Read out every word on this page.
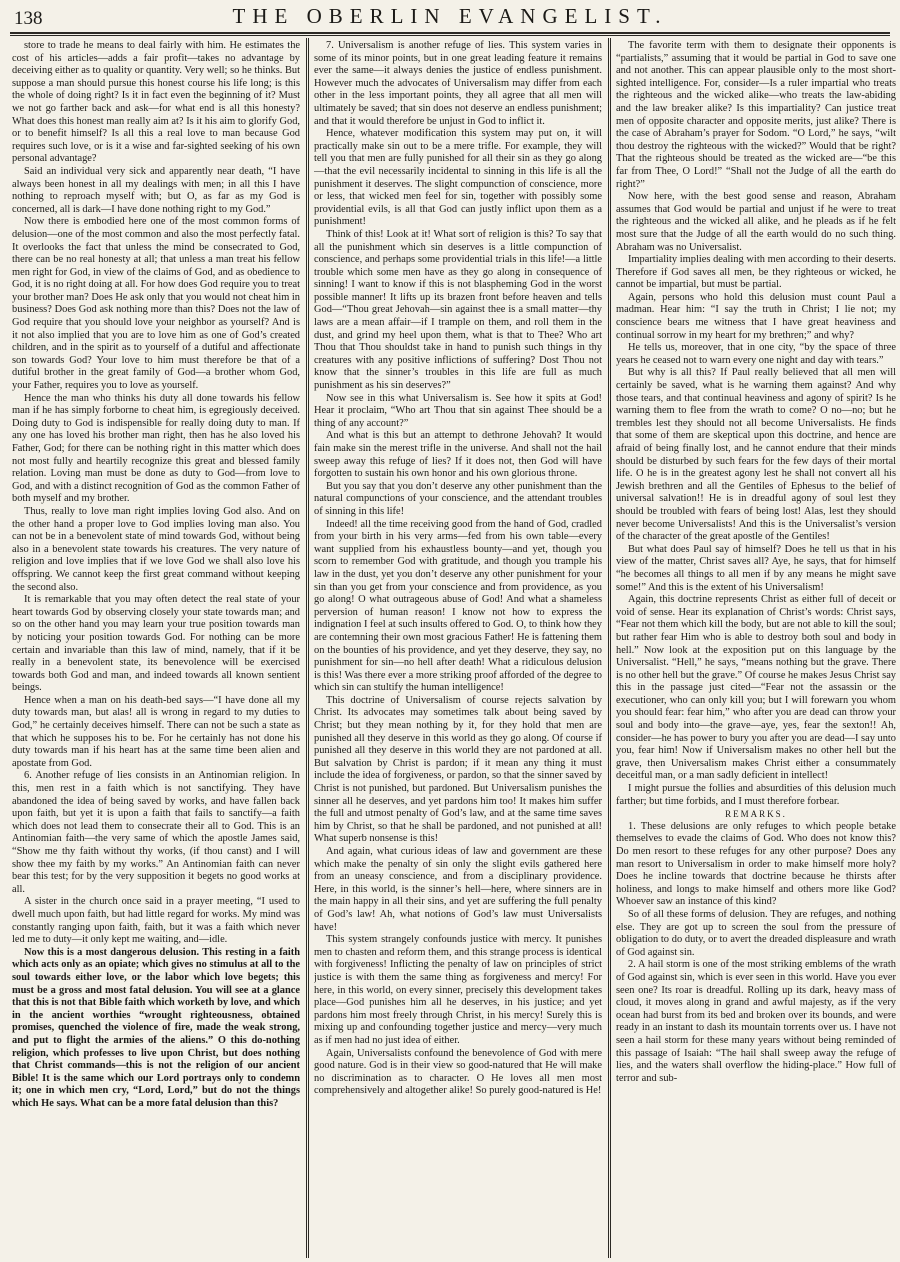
138	THE OBERLIN EVANGELIST.

store to trade he means to deal fairly with him. He estimates the cost of his articles—adds a fair profit—takes no advantage by deceiving either as to quality or quantity. Very well; so he thinks. But suppose a man should pursue this honest course his life long; is this the whole of doing right? Is it in fact even the beginning of it? Must we not go farther back and ask—for what end is all this honesty? What does this honest man really aim at? Is it his aim to glorify God, or to benefit himself? Is all this a real love to man because God requires such love, or is it a wise and far-sighted seeking of his own personal advantage?

Said an individual very sick and apparently near death, “I have always been honest in all my dealings with men; in all this I have nothing to reproach myself with; but O, as far as my God is concerned, all is dark—I have done nothing right to my God.”

Now there is embodied here one of the most common forms of delusion—one of the most common and also the most perfectly fatal. It overlooks the fact that unless the mind be consecrated to God, there can be no real honesty at all; that unless a man treat his fellow men right for God, in view of the claims of God, and as obedience to God, it is no right doing at all. For how does God require you to treat your brother man? Does He ask only that you would not cheat him in business? Does God ask nothing more than this? Does not the law of God require that you should love your neighbor as yourself? And is it not also implied that you are to love him as one of God’s created children, and in the spirit as to yourself of a dutiful and affectionate son towards God? Your love to him must therefore be that of a dutiful brother in the great family of God—a brother whom God, your Father, requires you to love as yourself.

Hence the man who thinks his duty all done towards his fellow man if he has simply forborne to cheat him, is egregiously deceived. Doing duty to God is indispensible for really doing duty to man. If any one has loved his brother man right, then has he also loved his Father, God; for there can be nothing right in this matter which does not most fully and heartily recognize this great and blessed family relation. Loving man must be done as duty to God—from love to God, and with a distinct recognition of God as the common Father of both myself and my brother.

Thus, really to love man right implies loving God also. And on the other hand a proper love to God implies loving man also. You can not be in a benevolent state of mind towards God, without being also in a benevolent state towards his creatures. The very nature of religion and love implies that if we love God we shall also love his offspring. We cannot keep the first great command without keeping the second also.

It is remarkable that you may often detect the real state of your heart towards God by observing closely your state towards man; and so on the other hand you may learn your true position towards man by noticing your position towards God. For nothing can be more certain and invariable than this law of mind, namely, that if it be really in a benevolent state, its benevolence will be exercised towards both God and man, and indeed towards all known sentient beings.

Hence when a man on his death-bed says—“I have done all my duty towards man, but alas! all is wrong in regard to my duties to God,” he certainly deceives himself. There can not be such a state as that which he supposes his to be. For he certainly has not done his duty towards man if his heart has at the same time been alien and apostate from God.

6. Another refuge of lies consists in an Antinomian religion. In this, men rest in a faith which is not sanctifying. They have abandoned the idea of being saved by works, and have fallen back upon faith, but yet it is upon a faith that fails to sanctify—a faith which does not lead them to consecrate their all to God. This is an Antinomian faith—the very same of which the apostle James said, “Show me thy faith without thy works, (if thou canst) and I will show thee my faith by my works.” An Antinomian faith can never bear this test; for by the very supposition it begets no good works at all.

A sister in the church once said in a prayer meeting, “I used to dwell much upon faith, but had little regard for works. My mind was constantly ranging upon faith, faith, but it was a faith which never led me to duty—it only kept me waiting, and—idle.

Now this is a most dangerous delusion. This resting in a faith which acts only as an opiate; which gives no stimulus at all to the soul towards either love, or the labor which love begets; this must be a gross and most fatal delusion. You will see at a glance that this is not that Bible faith which worketh by love, and which in the ancient worthies “wrought righteousness, obtained promises, quenched the violence of fire, made the weak strong, and put to flight the armies of the aliens.” O this do-nothing religion, which professes to live upon Christ, but does nothing that Christ commands—this is not the religion of our ancient Bible! It is the same which our Lord portrays only to condemn it; one in which men cry, “Lord, Lord,” but do not the things which He says. What can be a more fatal delusion than this?

7. Universalism is another refuge of lies. This system varies in some of its minor points, but in one great leading feature it remains ever the same—it always denies the justice of endless punishment. However much the advocates of Universalism may differ from each other in the less important points, they all agree that all men will ultimately be saved; that sin does not deserve an endless punishment; and that it would therefore be unjust in God to inflict it.

Hence, whatever modification this system may put on, it will practically make sin out to be a mere trifle. For example, they will tell you that men are fully punished for all their sin as they go along—that the evil necessarily incidental to sinning in this life is all the punishment it deserves. The slight compunction of conscience, more or less, that wicked men feel for sin, together with possibly some providential evils, is all that God can justly inflict upon them as a punishment!

Think of this! Look at it! What sort of religion is this? To say that all the punishment which sin deserves is a little compunction of conscience, and perhaps some providential trials in this life!—a little trouble which some men have as they go along in consequence of sinning! I want to know if this is not blaspheming God in the worst possible manner! It lifts up its brazen front before heaven and tells God—“Thou great Jehovah—sin against thee is a small matter—thy laws are a mean affair—if I trample on them, and roll them in the dust, and grind my heel upon them, what is that to Thee? Who art Thou that Thou shouldst take in hand to punish such things in thy creatures with any positive inflictions of suffering? Dost Thou not know that the sinner’s troubles in this life are full as much punishment as his sin deserves?”

Now see in this what Universalism is. See how it spits at God! Hear it proclaim, “Who art Thou that sin against Thee should be a thing of any account?”

And what is this but an attempt to dethrone Jehovah? It would fain make sin the merest trifle in the universe. And shall not the hail sweep away this refuge of lies? If it does not, then God will have forgotten to sustain his own honor and his own glorious throne.

But you say that you don’t deserve any other punishment than the natural compunctions of your conscience, and the attendant troubles of sinning in this life!

Indeed! all the time receiving good from the hand of God, cradled from your birth in his very arms—fed from his own table—every want supplied from his exhaustless bounty—and yet, though you scorn to remember God with gratitude, and though you trample his law in the dust, yet you don’t deserve any other punishment for your sin than you get from your conscience and from providence, as you go along! O what outrageous abuse of God! And what a shameless perversion of human reason! I know not how to express the indignation I feel at such insults offered to God. O, to think how they are contemning their own most gracious Father! He is fattening them on the bounties of his providence, and yet they deserve, they say, no punishment for sin—no hell after death! What a ridiculous delusion is this! Was there ever a more striking proof afforded of the degree to which sin can stultify the human intelligence!

This doctrine of Universalism of course rejects salvation by Christ. Its advocates may sometimes talk about being saved by Christ; but they mean nothing by it, for they hold that men are punished all they deserve in this world as they go along. Of course if punished all they deserve in this world they are not pardoned at all. But salvation by Christ is pardon; if it mean any thing it must include the idea of forgiveness, or pardon, so that the sinner saved by Christ is not punished, but pardoned. But Universalism punishes the sinner all he deserves, and yet pardons him too! It makes him suffer the full and utmost penalty of God’s law, and at the same time saves him by Christ, so that he shall be pardoned, and not punished at all! What superb nonsense is this!

And again, what curious ideas of law and government are these which make the penalty of sin only the slight evils gathered here from an uneasy conscience, and from a disciplinary providence. Here, in this world, is the sinner’s hell—here, where sinners are in the main happy in all their sins, and yet are suffering the full penalty of God’s law! Ah, what notions of God’s law must Universalists have!

This system strangely confounds justice with mercy. It punishes men to chasten and reform them, and this strange process is identical with forgiveness! Inflicting the penalty of law on principles of strict justice is with them the same thing as forgiveness and mercy! For here, in this world, on every sinner, precisely this development takes place—God punishes him all he deserves, in his justice; and yet pardons him most freely through Christ, in his mercy! Surely this is mixing up and confounding together justice and mercy—very much as if men had no just idea of either.

Again, Universalists confound the benevolence of God with mere good nature. God is in their view so good-natured that He will make no discrimination as to character. O He loves all men most comprehensively and altogether alike! So purely good-natured is He!

The favorite term with them to designate their opponents is “partialists,” assuming that it would be partial in God to save one and not another. This can appear plausible only to the most short-sighted intelligence. For, consider—Is a ruler impartial who treats the righteous and the wicked alike—who treats the law-abiding and the law breaker alike? Is this impartiality? Can justice treat men of opposite character and opposite merits, just alike? There is the case of Abraham’s prayer for Sodom. “O Lord,” he says, “wilt thou destroy the righteous with the wicked?” Would that be right? That the righteous should be treated as the wicked are—“be this far from Thee, O Lord!” “Shall not the Judge of all the earth do right?”

Now here, with the best good sense and reason, Abraham assumes that God would be partial and unjust if he were to treat the righteous and the wicked all alike, and he pleads as if he felt most sure that the Judge of all the earth would do no such thing. Abraham was no Universalist.

Impartiality implies dealing with men according to their deserts. Therefore if God saves all men, be they righteous or wicked, he cannot be impartial, but must be partial.

Again, persons who hold this delusion must count Paul a madman. Hear him: “I say the truth in Christ; I lie not; my conscience bears me witness that I have great heaviness and continual sorrow in my heart for my brethren;” and why?

He tells us, moreover, that in one city, “by the space of three years he ceased not to warn every one night and day with tears.”

But why is all this? If Paul really believed that all men will certainly be saved, what is he warning them against? And why those tears, and that continual heaviness and agony of spirit? Is he warning them to flee from the wrath to come? O no—no; but he trembles lest they should not all become Universalists. He finds that some of them are skeptical upon this doctrine, and hence are afraid of being finally lost, and he cannot endure that their minds should be disturbed by such fears for the few days of their mortal life. O he is in the greatest agony lest he shall not convert all his Jewish brethren and all the Gentiles of Ephesus to the belief of universal salvation!! He is in dreadful agony of soul lest they should be troubled with fears of being lost! Alas, lest they should never become Universalists! And this is the Universalist’s version of the character of the great apostle of the Gentiles!

But what does Paul say of himself? Does he tell us that in his view of the matter, Christ saves all? Aye, he says, that for himself “he becomes all things to all men if by any means he might save some!” And this is the extent of his Universalism!

Again, this doctrine represents Christ as either full of deceit or void of sense. Hear its explanation of Christ’s words: Christ says, “Fear not them which kill the body, but are not able to kill the soul; but rather fear Him who is able to destroy both soul and body in hell.” Now look at the exposition put on this language by the Universalist. “Hell,” he says, “means nothing but the grave. There is no other hell but the grave.” Of course he makes Jesus Christ say this in the passage just cited—“Fear not the assassin or the executioner, who can only kill you; but I will forewarn you whom you should fear: fear him,” who after you are dead can throw your soul and body into—the grave—aye, yes, fear the sexton!! Ah, consider—he has power to bury you after you are dead—I say unto you, fear him! Now if Universalism makes no other hell but the grave, then Universalism makes Christ either a consummately deceitful man, or a man sadly deficient in intellect!

I might pursue the follies and absurdities of this delusion much farther; but time forbids, and I must therefore forbear.

REMARKS.

1. These delusions are only refuges to which people betake themselves to evade the claims of God. Who does not know this? Do men resort to these refuges for any other purpose? Does any man resort to Universalism in order to make himself more holy? Does he incline towards that doctrine because he thirsts after holiness, and longs to make himself and others more like God? Whoever saw an instance of this kind?

So of all these forms of delusion. They are refuges, and nothing else. They are got up to screen the soul from the pressure of obligation to do duty, or to avert the dreaded displeasure and wrath of God against sin.

2. A hail storm is one of the most striking emblems of the wrath of God against sin, which is ever seen in this world. Have you ever seen one? Its roar is dreadful. Rolling up its dark, heavy mass of cloud, it moves along in grand and awful majesty, as if the very ocean had burst from its bed and broken over its bounds, and were ready in an instant to dash its mountain torrents over us. I have not seen a hail storm for these many years without being reminded of this passage of Isaiah: “The hail shall sweep away the refuge of lies, and the waters shall overflow the hiding-place.” How full of terror and sub-
